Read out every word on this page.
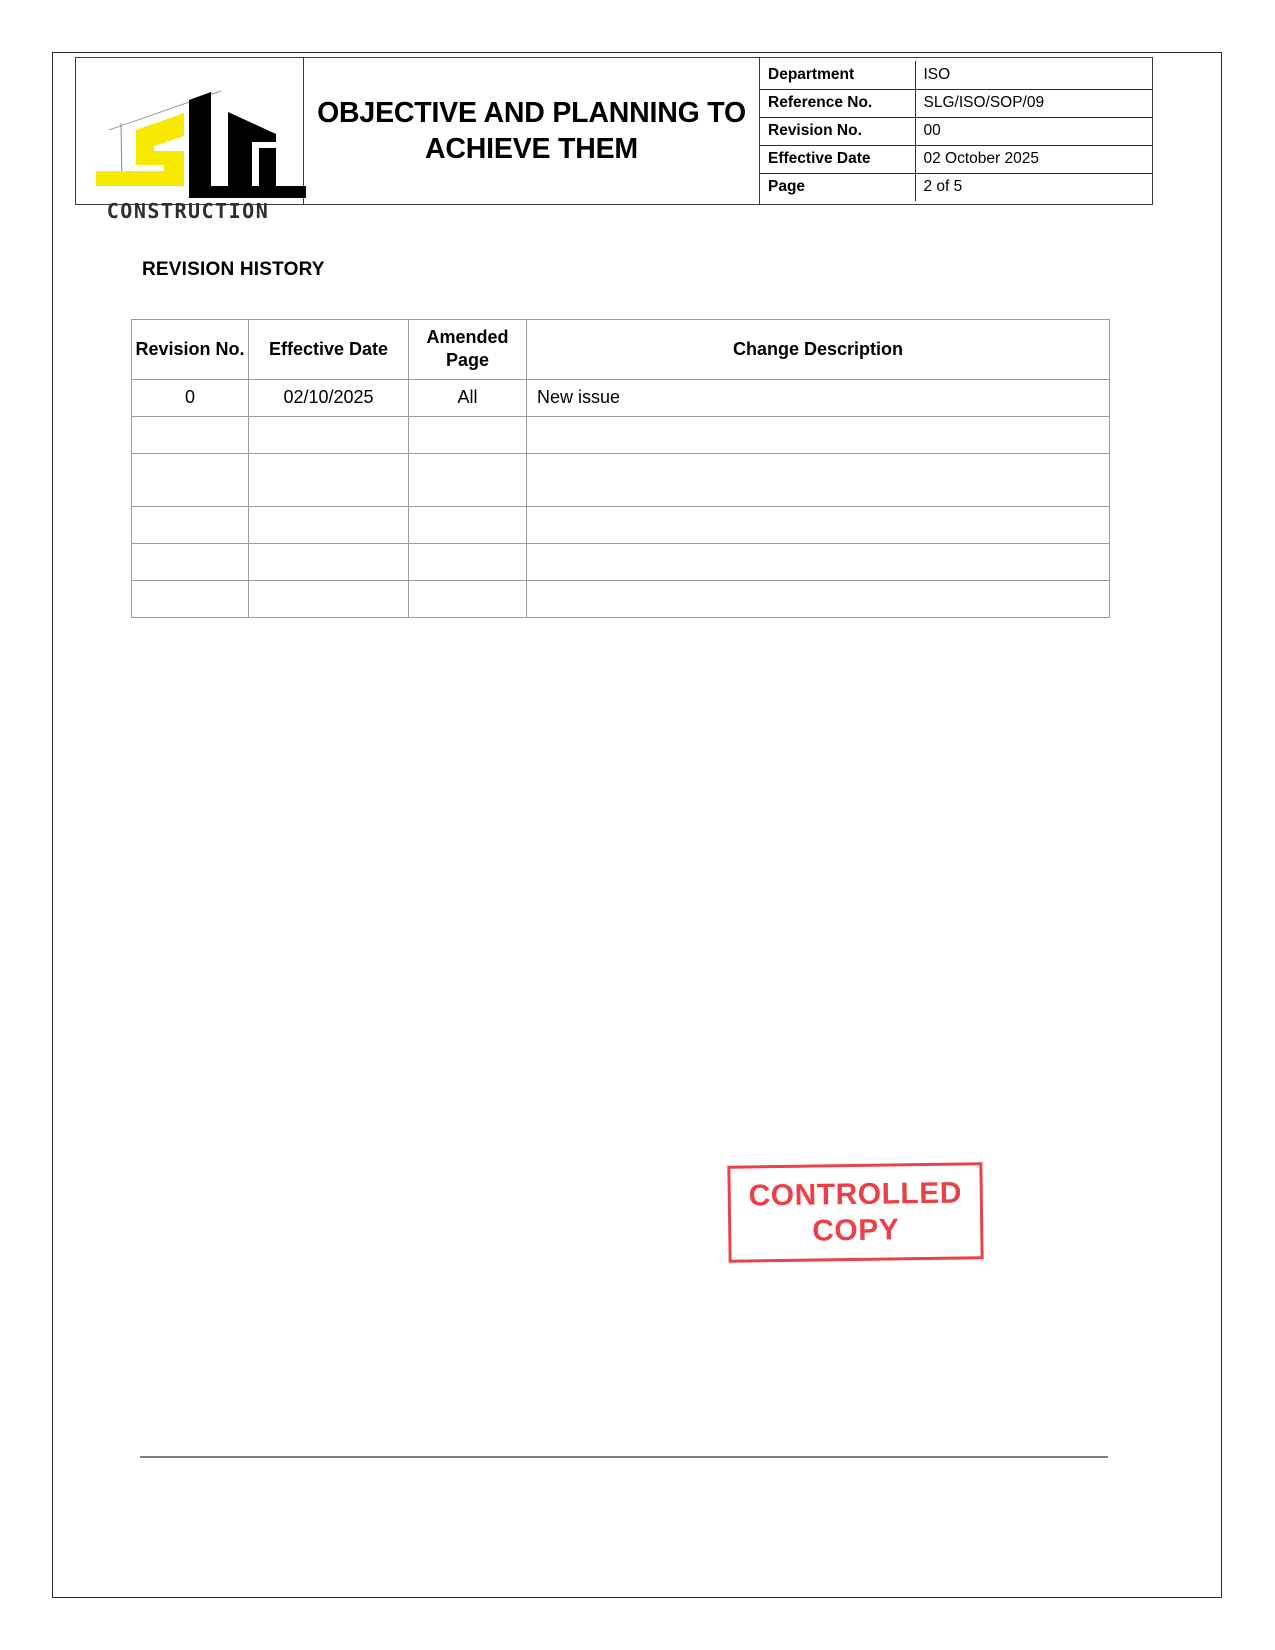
CONSTRUCTION
	OBJECTIVE AND PLANNING TO ACHIEVE THEM	
Department	ISO
Reference No.	SLG/ISO/SOP/09
Revision No.	00
Effective Date	02 October 2025
Page	2 of 5
REVISION HISTORY
Revision No.	Effective Date	Amended Page	Change Description
0	02/10/2025	All	New issue

CONTROLLED
COPY
